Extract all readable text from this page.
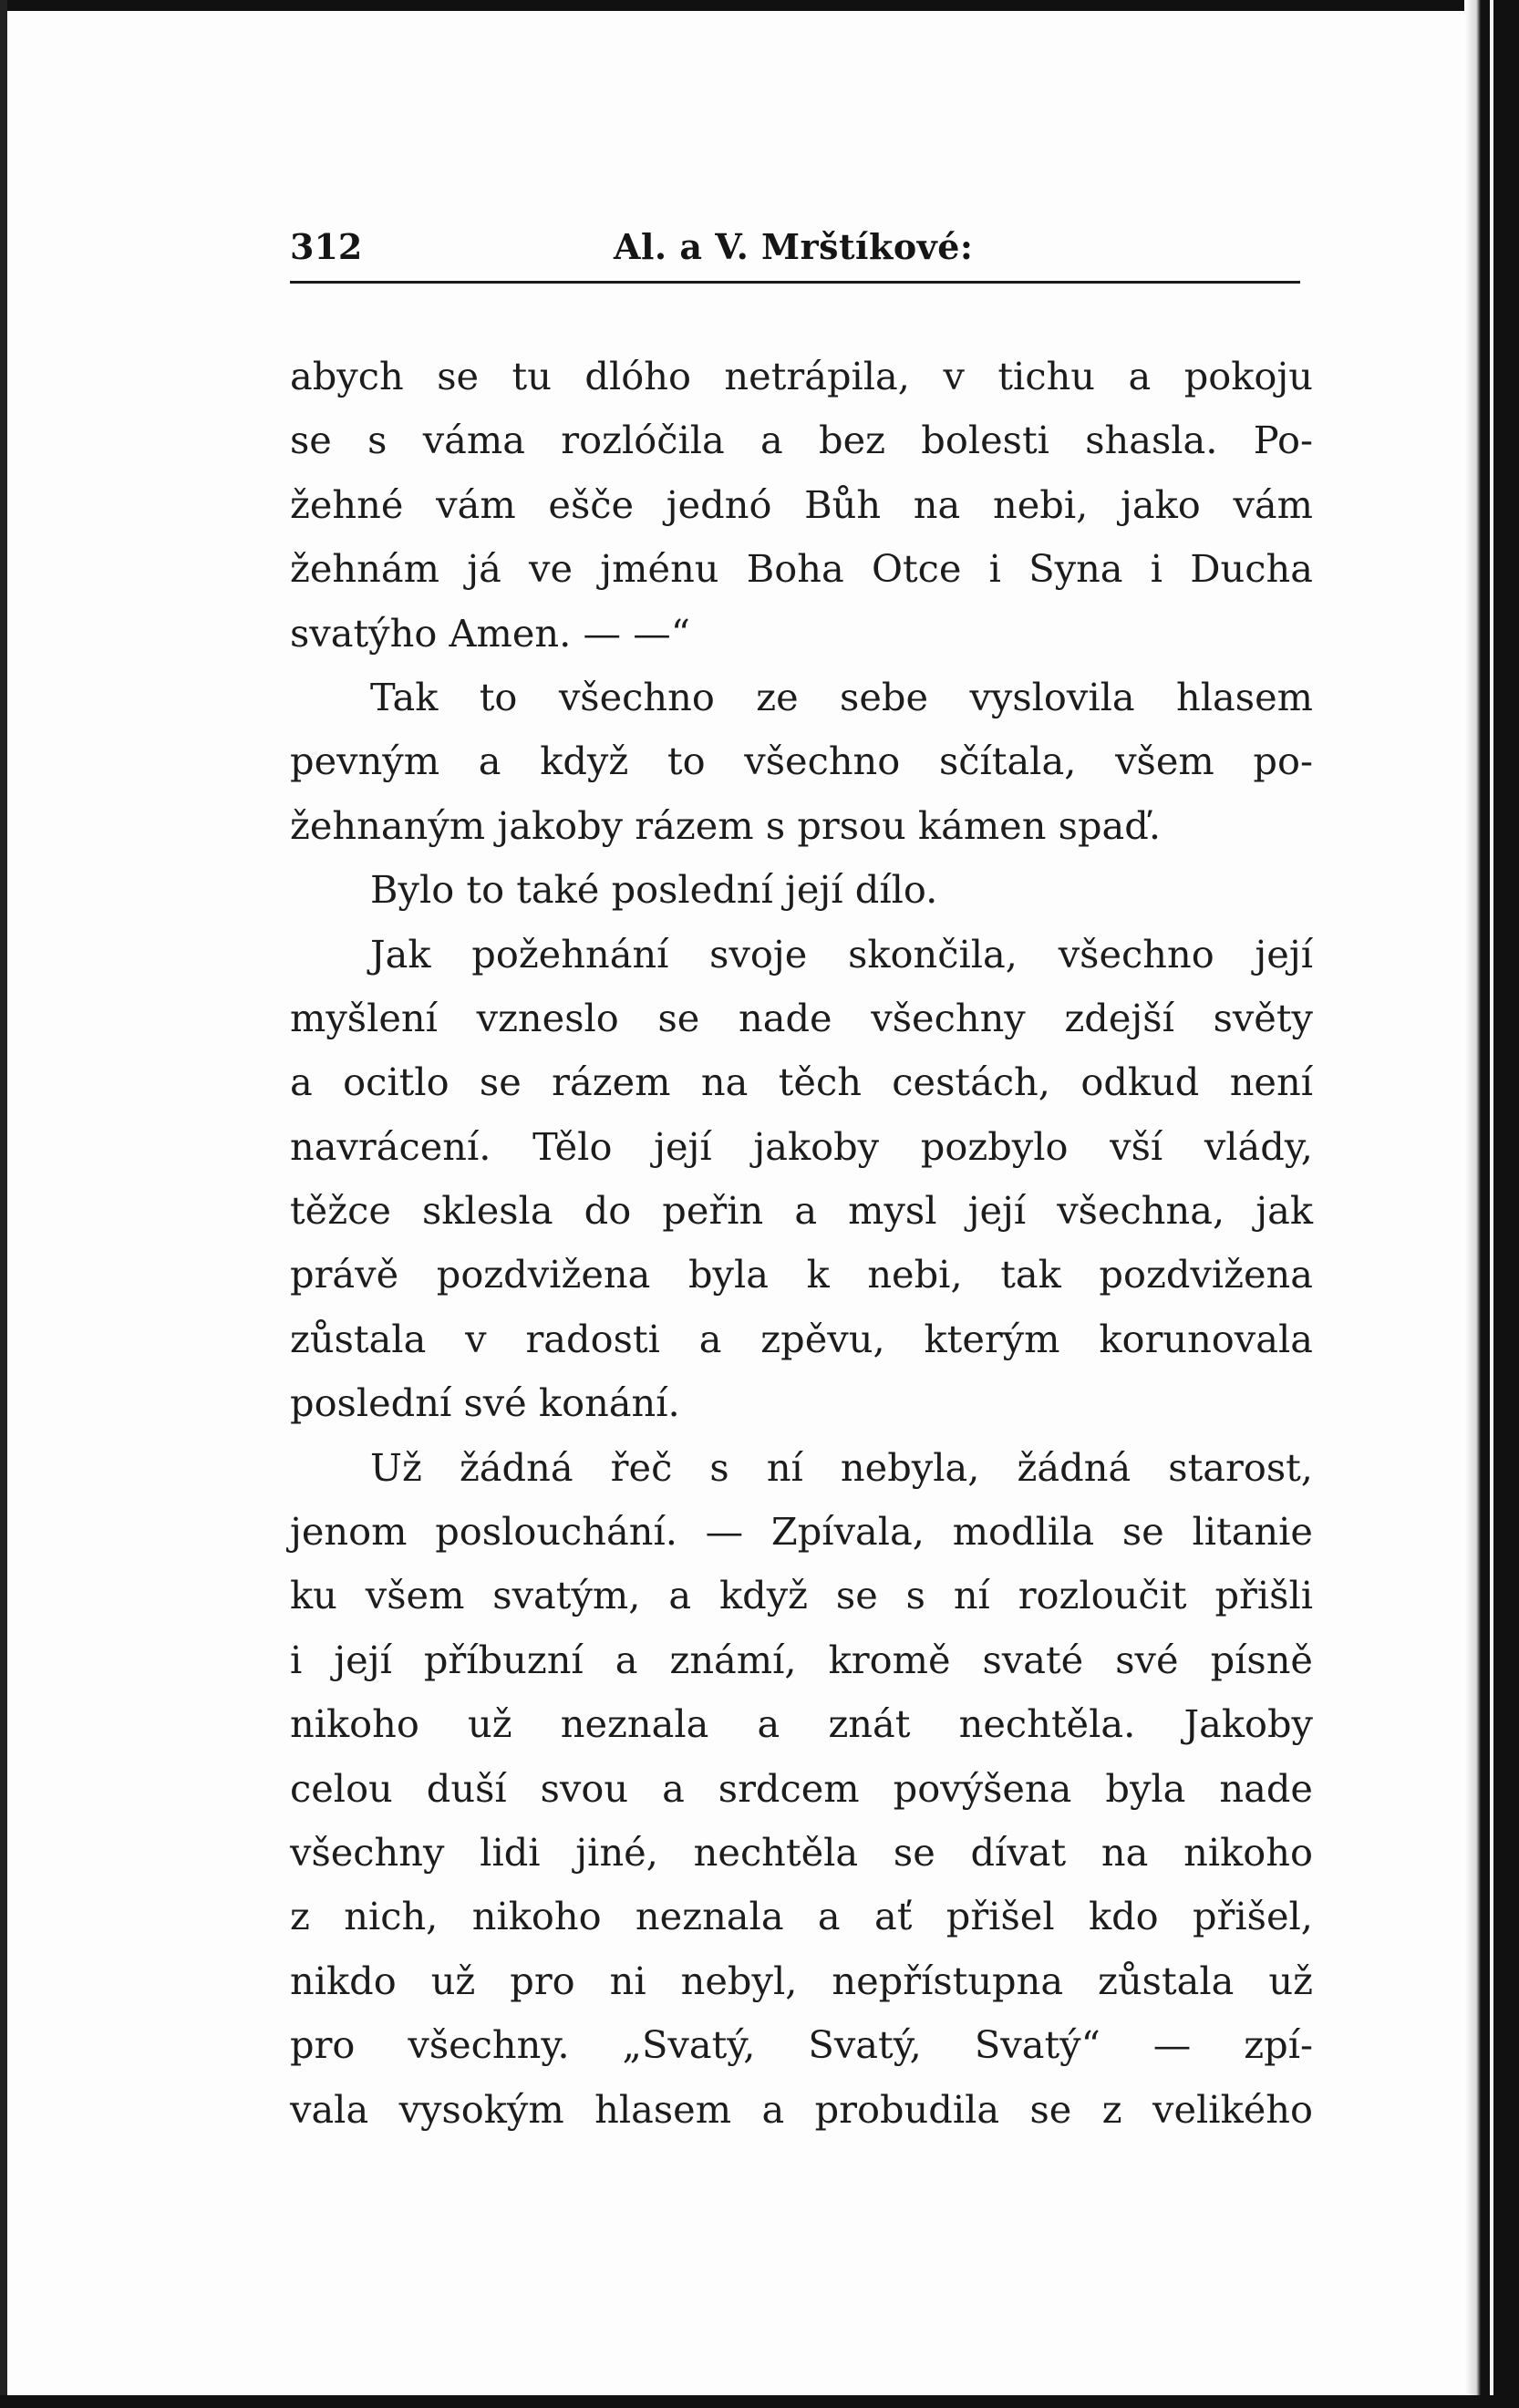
312	Al. a V. Mrštíkové:
abych se tu dlóho netrápila, v tichu a pokoju
se s váma rozlóčila a bez bolesti shasla. Po-
žehné vám ešče jednó Bůh na nebi, jako vám
žehnám já ve jménu Boha Otce i Syna i Ducha
svatýho Amen. — —“
Tak to všechno ze sebe vyslovila hlasem
pevným a když to všechno sčítala, všem po-
žehnaným jakoby rázem s prsou kámen spaď.
Bylo to také poslední její dílo.
Jak požehnání svoje skončila, všechno její
myšlení vzneslo se nade všechny zdejší světy
a ocitlo se rázem na těch cestách, odkud není
navrácení. Tělo její jakoby pozbylo vší vlády,
těžce sklesla do peřin a mysl její všechna, jak
právě pozdvižena byla k nebi, tak pozdvižena
zůstala v radosti a zpěvu, kterým korunovala
poslední své konání.
Už žádná řeč s ní nebyla, žádná starost,
jenom poslouchání. — Zpívala, modlila se litanie
ku všem svatým, a když se s ní rozloučit přišli
i její příbuzní a známí, kromě svaté své písně
nikoho už neznala a znát nechtěla. Jakoby
celou duší svou a srdcem povýšena byla nade
všechny lidi jiné, nechtěla se dívat na nikoho
z nich, nikoho neznala a ať přišel kdo přišel,
nikdo už pro ni nebyl, nepřístupna zůstala už
pro všechny. „Svatý, Svatý, Svatý“ — zpí-
vala vysokým hlasem a probudila se z velikého
